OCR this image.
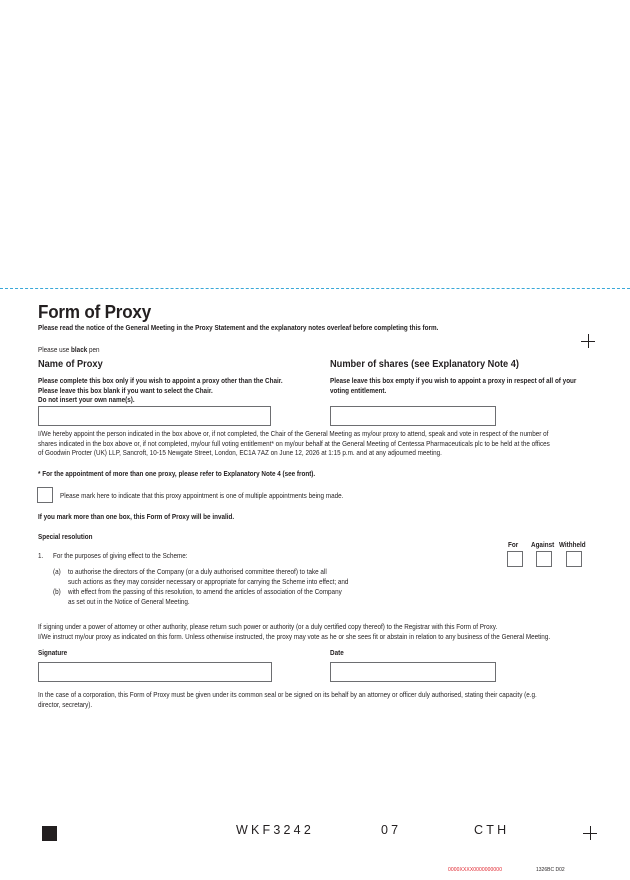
Form of Proxy
Please read the notice of the General Meeting in the Proxy Statement and the explanatory notes overleaf before completing this form.
Please use black pen
Name of Proxy
Please complete this box only if you wish to appoint a proxy other than the Chair.
Please leave this box blank if you want to select the Chair.
Do not insert your own name(s).
Number of shares (see Explanatory Note 4)
Please leave this box empty if you wish to appoint a proxy in respect of all of your
voting entitlement.
I/We hereby appoint the person indicated in the box above or, if not completed, the Chair of the General Meeting as my/our proxy to attend, speak and vote in respect of the number of
shares indicated in the box above or, if not completed, my/our full voting entitlement* on my/our behalf at the General Meeting of Centessa Pharmaceuticals plc to be held at the offices
of Goodwin Procter (UK) LLP, Sancroft, 10-15 Newgate Street, London, EC1A 7AZ on June 12, 2026 at 1:15 p.m. and at any adjourned meeting.
* For the appointment of more than one proxy, please refer to Explanatory Note 4 (see front).
Please mark here to indicate that this proxy appointment is one of multiple appointments being made.
If you mark more than one box, this Form of Proxy will be invalid.
Special resolution
For Against Withheld
1. For the purposes of giving effect to the Scheme:
(a) to authorise the directors of the Company (or a duly authorised committee thereof) to take all
such actions as they may consider necessary or appropriate for carrying the Scheme into effect; and
(b) with effect from the passing of this resolution, to amend the articles of association of the Company
as set out in the Notice of General Meeting.
If signing under a power of attorney or other authority, please return such power or authority (or a duly certified copy thereof) to the Registrar with this Form of Proxy.
I/We instruct my/our proxy as indicated on this form. Unless otherwise instructed, the proxy may vote as he or she sees fit or abstain in relation to any business of the General Meeting.
Signature	Date
In the case of a corporation, this Form of Proxy must be given under its common seal or be signed on its behalf by an attorney or officer duly authorised, stating their capacity (e.g.
director, secretary).
WKF3242	07	CTH
0000XXXX0000000000	1326BC D02
